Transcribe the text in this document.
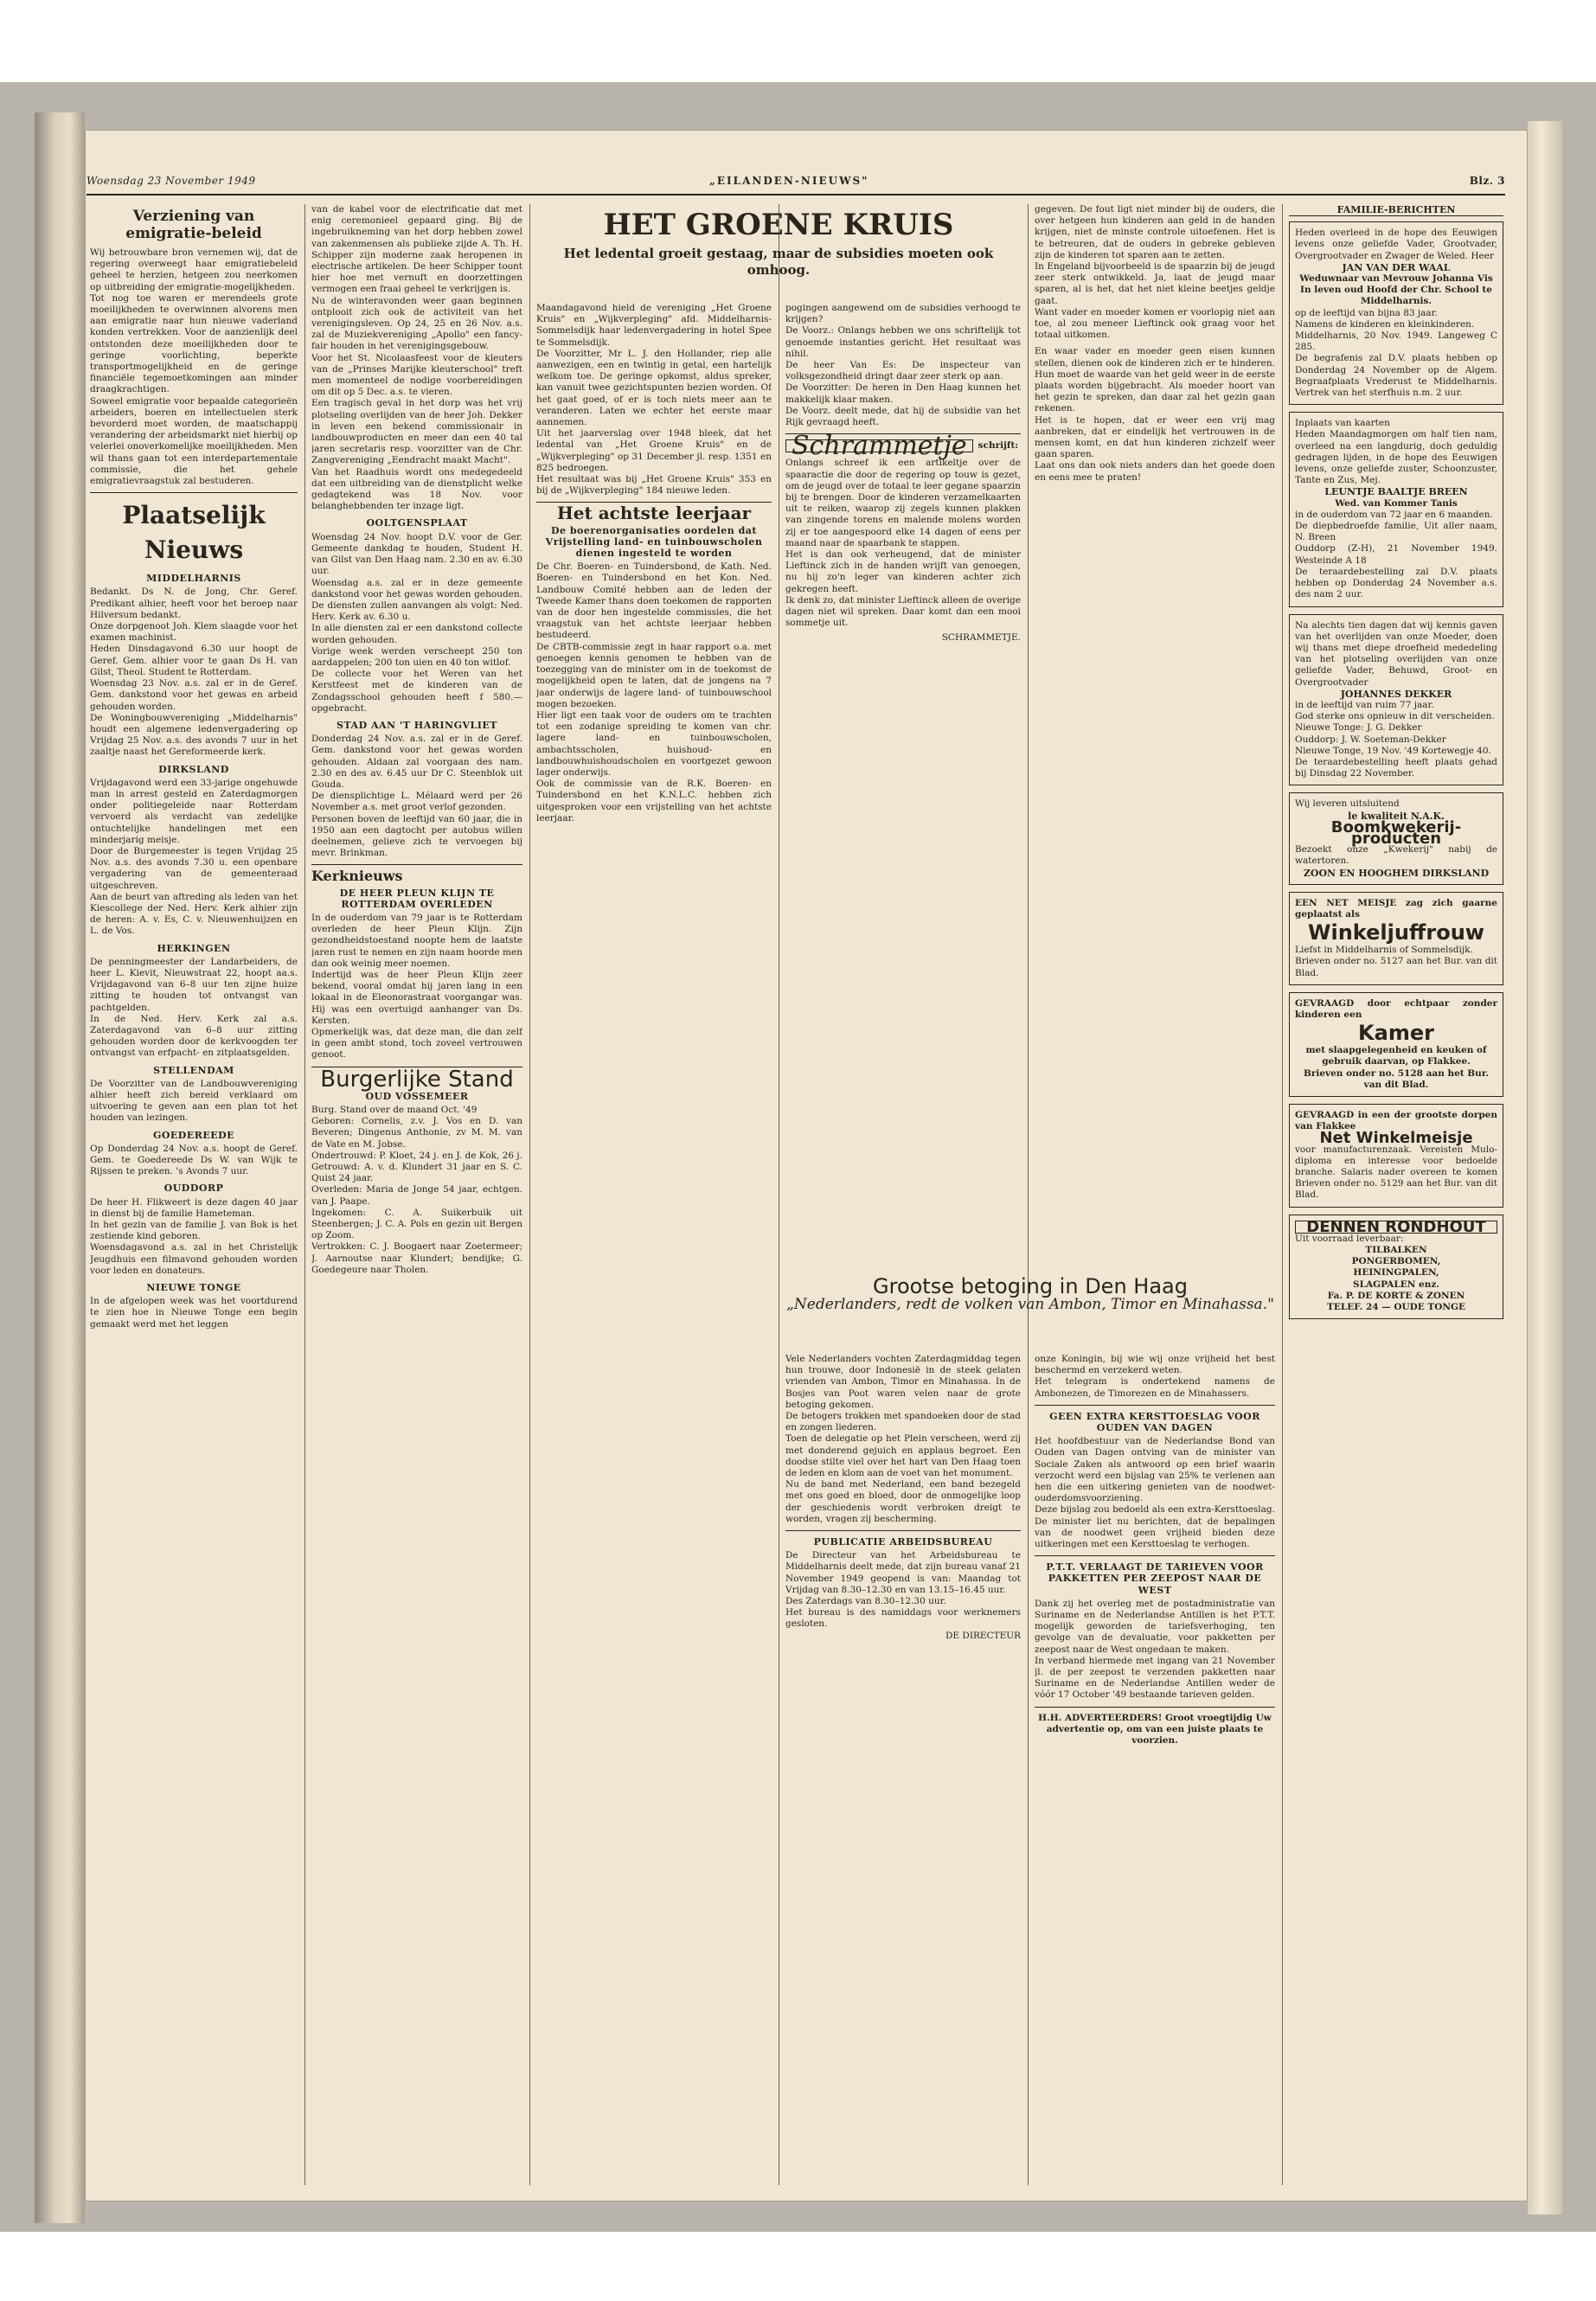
Woensdag 23 November 1949	„EILANDEN-NIEUWS"	Blz. 3
Verziening van emigratie-beleid
Wij betrouwbare bron vernemen wij, dat de regering overweegt haar emigratiebeleid geheel te herzien, hetgeen zou neerkomen op uitbreiding der emigratie-mogelijkheden.
Tot nog toe waren er merendeels grote moeilijkheden te overwinnen alvorens men aan emigratie naar hun nieuwe vaderland konden vertrekken. Voor de aanzienlijk deel ontstonden deze moeilijkheden door te geringe voorlichting, beperkte transportmogelijkheid en de geringe financiële tegemoetkomingen aan minder draagkrachtigen.
Soweel emigratie voor bepaalde categorieën arbeiders, boeren en intellectuelen sterk bevorderd moet worden, de maatschappij verandering der arbeidsmarkt niet hierbij op velerlei onoverkomelijke moeilijkheden. Men wil thans gaan tot een interdepartementale commissie, die het gehele emigratievraagstuk zal bestuderen.
Plaatselijk Nieuws
MIDDELHARNIS
Bedankt. Ds N. de Jong, Chr. Geref. Predikant alhier, heeft voor het beroep naar Hilversum bedankt.
Onze dorpgenoot Joh. Klem slaagde voor het examen machinist.
Heden Dinsdagavond 6.30 uur hoopt de Geref. Gem. alhier voor te gaan Ds H. van Gilst, Theol. Student te Rotterdam.
Woensdag 23 Nov. a.s. zal er in de Geref. Gem. dankstond voor het gewas en arbeid gehouden worden.
De Woningbouwvereniging „Middelharnis" houdt een algemene ledenvergadering op Vrijdag 25 Nov. a.s. des avonds 7 uur in het zaaltje naast het Gereformeerde kerk.
DIRKSLAND
Vrijdagavond werd een 33-jarige ongehuwde man in arrest gesteld en Zaterdagmorgen onder politiegeleide naar Rotterdam vervoerd als verdacht van zedelijke ontuchtelijke handelingen met een minderjarig meisje.
Door de Burgemeester is tegen Vrijdag 25 Nov. a.s. des avonds 7.30 u. een openbare vergadering van de gemeenteraad uitgeschreven.
Aan de beurt van aftreding als leden van het Kiescollege der Ned. Herv. Kerk alhier zijn de heren: A. v. Es, C. v. Nieuwenhuijzen en L. de Vos.
HERKINGEN
De penningmeester der Landarbeiders, de heer L. Kievit, Nieuwstraat 22, hoopt aa.s. Vrijdagavond van 6–8 uur ten zijne huize zitting te houden tot ontvangst van pachtgelden.
In de Ned. Herv. Kerk zal a.s. Zaterdagavond van 6–8 uur zitting gehouden worden door de kerkvoogden ter ontvangst van erfpacht- en zitplaatsgelden.
STELLENDAM
De Voorzitter van de Landbouwvereniging alhier heeft zich bereid verklaard om uitvoering te geven aan een plan tot het houden van lezingen.
GOEDEREEDE
Op Donderdag 24 Nov. a.s. hoopt de Geref. Gem. te Goedereede Ds W. van Wijk te Rijssen te preken. 's Avonds 7 uur.
OUDDORP
De heer H. Flikweert is deze dagen 40 jaar in dienst bij de familie Hameteman.
In het gezin van de familie J. van Bok is het zestiende kind geboren.
Woensdagavond a.s. zal in het Christelijk Jeugdhuis een filmavond gehouden worden voor leden en donateurs.
NIEUWE TONGE
In de afgelopen week was het voortdurend te zien hoe in Nieuwe Tonge een begin gemaakt werd met het leggen
van de kabel voor de electrificatie dat met enig ceremonieel gepaard ging. Bij de ingebruikneming van het dorp hebben zowel van zakenmensen als publieke zijde A. Th. H. Schipper zijn moderne zaak heropenen in electrische artikelen. De heer Schipper toont hier hoe met vernuft en doorzettingen vermogen een fraai geheel te verkrijgen is.
Nu de winteravonden weer gaan beginnen ontplooit zich ook de activiteit van het verenigingsleven. Op 24, 25 en 26 Nov. a.s. zal de Muziekvereniging „Apollo" een fancy-fair houden in het verenigingsgebouw.
Voor het St. Nicolaasfeest voor de kleuters van de „Prinses Marijke kleuterschool" treft men momenteel de nodige voorbereidingen om dit op 5 Dec. a.s. te vieren.
Een tragisch geval in het dorp was het vrij plotseling overlijden van de heer Joh. Dekker in leven een bekend commissionair in landbouwproducten en meer dan een 40 tal jaren secretaris resp. voorzitter van de Chr. Zangvereniging „Eendracht maakt Macht".
Van het Raadhuis wordt ons medegedeeld dat een uitbreiding van de dienstplicht welke gedagtekend was 18 Nov. voor belanghebbenden ter inzage ligt.
OOLTGENSPLAAT
Woensdag 24 Nov. hoopt D.V. voor de Ger. Gemeente dankdag te houden, Student H. van Gilst van Den Haag nam. 2.30 en av. 6.30 uur.
Woensdag a.s. zal er in deze gemeente dankstond voor het gewas worden gehouden. De diensten zullen aanvangen als volgt: Ned. Herv. Kerk av. 6.30 u.
In alle diensten zal er een dankstond collecte worden gehouden.
Vorige week werden verscheept 250 ton aardappelen; 200 ton uien en 40 ton witlof.
De collecte voor het Weren van het Kerstfeest met de kinderen van de Zondagsschool gehouden heeft f 580.— opgebracht.
STAD AAN 'T HARINGVLIET
Donderdag 24 Nov. a.s. zal er in de Geref. Gem. dankstond voor het gewas worden gehouden. Aldaan zal voorgaan des nam. 2.30 en des av. 6.45 uur Dr C. Steenblok uit Gouda.
De diensplichtige L. Mélaard werd per 26 November a.s. met groot verlof gezonden.
Personen boven de leeftijd van 60 jaar, die in 1950 aan een dagtocht per autobus willen deelnemen, gelieve zich te vervoegen bij mevr. Brinkman.
Kerknieuws
DE HEER PLEUN KLIJN TE ROTTERDAM OVERLEDEN
In de ouderdom van 79 jaar is te Rotterdam overleden de heer Pleun Klijn. Zijn gezondheidstoestand noopte hem de laatste jaren rust te nemen en zijn naam hoorde men dan ook weinig meer noemen.
Indertijd was de heer Pleun Klijn zeer bekend, vooral omdat hij jaren lang in een lokaal in de Eleonorastraat voorgangar was. Hij was een overtuigd aanhanger van Ds. Kersten.
Opmerkelijk was, dat deze man, die dan zelf in geen ambt stond, toch zoveel vertrouwen genoot.
Burgerlijke Stand
OUD VOSSEMEER
Burg. Stand over de maand Oct. '49
Geboren: Cornelis, z.v. J. Vos en D. van Beveren; Dingenus Anthonie, zv M. M. van de Vate en M. Jobse.
Ondertrouwd: P. Kloet, 24 j. en J. de Kok, 26 j.
Getrouwd: A. v. d. Klundert 31 jaar en S. C. Quist 24 jaar.
Overleden: Maria de Jonge 54 jaar, echtgen. van J. Paape.
Ingekomen: C. A. Suikerbuik uit Steenbergen; J. C. A. Pols en gezin uit Bergen op Zoom.
Vertrokken: C. J. Boogaert naar Zoetermeer; J. Aarnoutse naar Klundert; bendijke; G. Goedegeure naar Tholen.
HET GROENE KRUIS
Het ledental groeit gestaag, maar de subsidies moeten ook omhoog.
Maandagavond hield de vereniging „Het Groene Kruis" en „Wijkverpleging" afd. Middelharnis-Sommelsdijk haar ledenvergadering in hotel Spee te Sommelsdijk.
De Voorzitter, Mr L. J. den Hollander, riep alle aanwezigen, een en twintig in getal, een hartelijk welkom toe. De geringe opkomst, aldus spreker, kan vanuit twee gezichtspunten bezien worden. Of het gaat goed, of er is toch niets meer aan te veranderen. Laten we echter het eerste maar aannemen.
Uit het jaarverslag over 1948 bleek, dat het ledental van „Het Groene Kruis" en de „Wijkverpleging" op 31 December jl. resp. 1351 en 825 bedroegen.
Het resultaat was bij „Het Groene Kruis" 353 en bij de „Wijkverpleging" 184 nieuwe leden.
Het achtste leerjaar
De boerenorganisaties oordelen dat Vrijstelling land- en tuinbouwscholen dienen ingesteld te worden
De Chr. Boeren- en Tuindersbond, de Kath. Ned. Boeren- en Tuindersbond en het Kon. Ned. Landbouw Comité hebben aan de leden der Tweede Kamer thans doen toekomen de rapporten van de door hen ingestelde commissies, die het vraagstuk van het achtste leerjaar hebben bestudeerd.
De CBTB-commissie zegt in haar rapport o.a. met genoegen kennis genomen te hebben van de toezegging van de minister om in de toekomst de mogelijkheid open te laten, dat de jongens na 7 jaar onderwijs de lagere land- of tuinbouwschool mogen bezoeken.
Hier ligt een taak voor de ouders om te trachten tot een zodanige spreiding te komen van chr. lagere land- en tuinbouwscholen, ambachtsscholen, huishoud- en landbouwhuishoudscholen en voortgezet gewoon lager onderwijs.
Ook de commissie van de R.K. Boeren- en Tuindersbond en het K.N.L.C. hebben zich uitgesproken voor een vrijstelling van het achtste leerjaar.
pogingen aangewend om de subsidies verhoogd te krijgen?
De Voorz.: Onlangs hebben we ons schriftelijk tot genoemde instanties gericht. Het resultaat was nihil.
De heer Van Es: De inspecteur van volksgezondheid dringt daar zeer sterk op aan.
De Voorzitter: De heren in Den Haag kunnen het makkelijk klaar maken.
De Voorz. deelt mede, dat hij de subsidie van het Rijk gevraagd heeft.
Schrammetje	schrijft:
Onlangs schreef ik een artikeltje over de spaaractie die door de regering op touw is gezet, om de jeugd over de totaal te leer gegane spaarzin bij te brengen. Door de kinderen verzamelkaarten uit te reiken, waarop zij zegels kunnen plakken van zingende torens en malende molens worden zij er toe aangespoord elke 14 dagen of eens per maand naar de spaarbank te stappen.
Het is dan ook verheugend, dat de minister Lieftinck zich in de handen wrijft van genoegen, nu hij zo'n leger van kinderen achter zich gekregen heeft.
Ik denk zo, dat minister Lieftinck alleen de overige dagen niet wil spreken. Daar komt dan een mooi sommetje uit.
SCHRAMMETJE.
gegeven. De fout ligt niet minder bij de ouders, die over hetgeen hun kinderen aan geld in de handen krijgen, niet de minste controle uitoefenen. Het is te betreuren, dat de ouders in gebreke gebleven zijn de kinderen tot sparen aan te zetten.
In Engeland bijvoorbeeld is de spaarzin bij de jeugd zeer sterk ontwikkeld. Ja, laat de jeugd maar sparen, al is het, dat het niet kleine beetjes geldje gaat.
Want vader en moeder komen er voorlopig niet aan toe, al zou meneer Lieftinck ook graag voor het totaal uitkomen.
En waar vader en moeder geen eisen kunnen stellen, dienen ook de kinderen zich er te hinderen. Hun moet de waarde van het geld weer in de eerste plaats worden bijgebracht. Als moeder hoort van het gezin te spreken, dan daar zal het gezin gaan rekenen.
Het is te hopen, dat er weer een vrij mag aanbreken, dat er eindelijk het vertrouwen in de mensen komt, en dat hun kinderen zichzelf weer gaan sparen.
Laat ons dan ook niets anders dan het goede doen en eens mee te praten!
Grootse betoging in Den Haag
„Nederlanders, redt de volken van Ambon, Timor en Minahassa."
Vele Nederlanders vochten Zaterdagmiddag tegen hun trouwe, door Indonesië in de steek gelaten vrienden van Ambon, Timor en Minahassa. In de Bosjes van Poot waren velen naar de grote betoging gekomen.
De betogers trokken met spandoeken door de stad en zongen liederen.
Toen de delegatie op het Plein verscheen, werd zij met donderend gejuich en applaus begroet. Een doodse stilte viel over het hart van Den Haag toen de leden en klom aan de voet van het monument.
Nu de band met Nederland, een band bezegeld met ons goed en bloed, door de onmogelijke loop der geschiedenis wordt verbroken dreigt te worden, vragen zij bescherming.
PUBLICATIE ARBEIDSBUREAU
De Directeur van het Arbeidsbureau te Middelharnis deelt mede, dat zijn bureau vanaf 21 November 1949 geopend is van: Maandag tot Vrijdag van 8.30–12.30 en van 13.15–16.45 uur.
Des Zaterdags van 8.30–12.30 uur.
Het bureau is des namiddags voor werknemers gesloten.
DE DIRECTEUR
onze Koningin, bij wie wij onze vrijheid het best beschermd en verzekerd weten.
Het telegram is ondertekend namens de Ambonezen, de Timorezen en de Minahassers.
GEEN EXTRA KERSTTOESLAG VOOR OUDEN VAN DAGEN
Het hoofdbestuur van de Nederlandse Bond van Ouden van Dagen ontving van de minister van Sociale Zaken als antwoord op een brief waarin verzocht werd een bijslag van 25% te verlenen aan hen die een uitkering genieten van de noodwet-ouderdomsvoorziening.
Deze bijslag zou bedoeld als een extra-Kersttoeslag. De minister liet nu berichten, dat de bepalingen van de noodwet geen vrijheid bieden deze uitkeringen met een Kersttoeslag te verhogen.
P.T.T. VERLAAGT DE TARIEVEN VOOR PAKKETTEN PER ZEEPOST NAAR DE WEST
Dank zij het overleg met de postadministratie van Suriname en de Nederlandse Antillen is het P.T.T. mogelijk geworden de tariefsverhoging, ten gevolge van de devaluatie, voor pakketten per zeepost naar de West ongedaan te maken.
In verband hiermede met ingang van 21 November jl. de per zeepost te verzenden pakketten naar Suriname en de Nederlandse Antillen weder de vóór 17 October '49 bestaande tarieven gelden.
H.H. ADVERTEERDERS! Groot vroegtijdig Uw advertentie op, om van een juiste plaats te voorzien.
FAMILIE-BERICHTEN
Heden overleed in de hope des Eeuwigen levens onze geliefde Vader, Grootvader, Overgrootvader en Zwager de Weled. Heer
JAN VAN DER WAAL
Weduwnaar van Mevrouw Johanna Vis
In leven oud Hoofd der Chr. School te Middelharnis.
op de leeftijd van bijna 83 jaar.
Namens de kinderen en kleinkinderen.
Middelharnis, 20 Nov. 1949. Langeweg C 285.
De begrafenis zal D.V. plaats hebben op Donderdag 24 November op de Algem. Begraafplaats Vrederust te Middelharnis. Vertrek van het sterfhuis n.m. 2 uur.
Inplaats van kaarten
Heden Maandagmorgen om half tien nam, overleed na een langdurig, doch geduldig gedragen lijden, in de hope des Eeuwigen levens, onze geliefde zuster, Schoonzuster, Tante en Zus, Mej.
LEUNTJE BAALTJE BREEN
Wed. van Kommer Tanis
in de ouderdom van 72 jaar en 6 maanden.
De diepbedroefde familie, Uit aller naam, N. Breen
Ouddorp (Z-H), 21 November 1949. Westeinde A 18
De teraardebestelling zal D.V. plaats hebben op Donderdag 24 November a.s. des nam 2 uur.
Na alechts tien dagen dat wij kennis gaven van het overlijden van onze Moeder, doen wij thans met diepe droefheid mededeling van het plotseling overlijden van onze geliefde Vader, Behuwd, Groot- en Overgrootvader
JOHANNES DEKKER
in de leeftijd van ruim 77 jaar.
God sterke ons opnieuw in dit verscheiden.
Nieuwe Tonge: J. G. Dekker
Ouddorp: J. W. Soeteman-Dekker
Nieuwe Tonge, 19 Nov. '49 Kortewegje 40.
De teraardebestelling heeft plaats gehad bij Dinsdag 22 November.
Wij leveren uitsluitend
le kwaliteit N.A.K.
Boomkwekerij-producten
Bezoekt onze „Kwekerij" nabij de watertoren.
ZOON EN HOOGHEM DIRKSLAND
EEN NET MEISJE zag zich gaarne geplaatst als
Winkeljuffrouw
Liefst in Middelharnis of Sommelsdijk.
Brieven onder no. 5127 aan het Bur. van dit Blad.
GEVRAAGD door echtpaar zonder kinderen een
Kamer
met slaapgelegenheid en keuken of gebruik daarvan, op Flakkee.
Brieven onder no. 5128 aan het Bur. van dit Blad.
GEVRAAGD in een der grootste dorpen van Flakkee
Net Winkelmeisje
voor manufacturenzaak. Vereisten Mulo-diploma en interesse voor bedoelde branche. Salaris nader overeen te komen Brieven onder no. 5129 aan het Bur. van dit Blad.
DENNEN RONDHOUT
Uit voorraad leverbaar:
TILBALKEN
PONGERBOMEN,
HEININGPALEN,
SLAGPALEN enz.
Fa. P. DE KORTE & ZONEN
TELEF. 24 — OUDE TONGE
